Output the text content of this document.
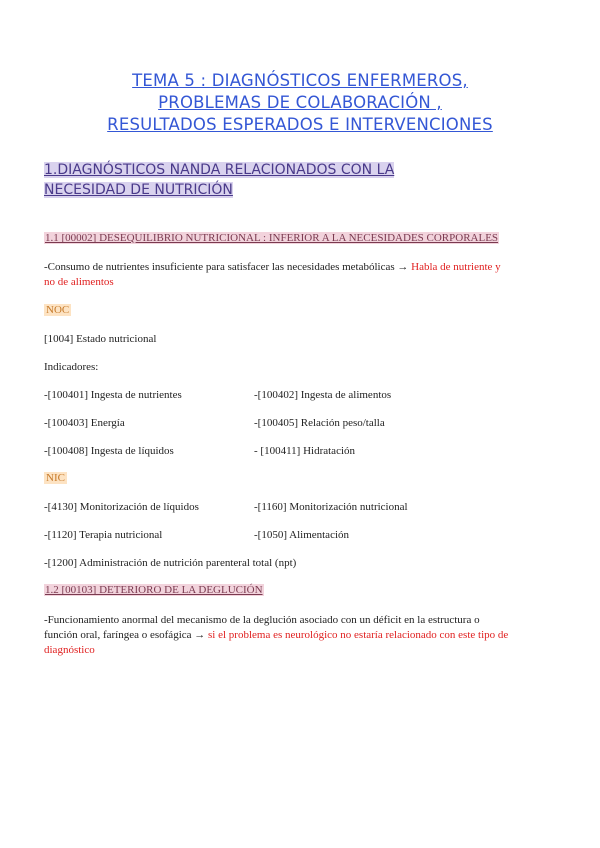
TEMA 5 : DIAGNÓSTICOS ENFERMEROS,
PROBLEMAS DE COLABORACIÓN ,
RESULTADOS ESPERADOS E INTERVENCIONES
1.DIAGNÓSTICOS NANDA RELACIONADOS CON LA
NECESIDAD DE NUTRICIÓN
1.1 [00002] DESEQUILIBRIO NUTRICIONAL : INFERIOR A LA NECESIDADES CORPORALES
-Consumo de nutrientes insuficiente para satisfacer las necesidades metabólicas → Habla de nutriente y
no de alimentos
NOC
[1004] Estado nutricional
Indicadores:
-[100401] Ingesta de nutrientes	-[100402] Ingesta de alimentos
-[100403] Energía	-[100405] Relación peso/talla
-[100408] Ingesta de líquidos	- [100411] Hidratación
NIC
-[4130] Monitorización de líquidos	-[1160] Monitorización nutricional
-[1120] Terapia nutricional	-[1050] Alimentación
-[1200] Administración de nutrición parenteral total (npt)
1.2 [00103] DETERIORO DE LA DEGLUCIÓN
-Funcionamiento anormal del mecanismo de la deglución asociado con un déficit en la estructura o
función oral, faríngea o esofágica → si el problema es neurológico no estaría relacionado con este tipo de
diagnóstico
